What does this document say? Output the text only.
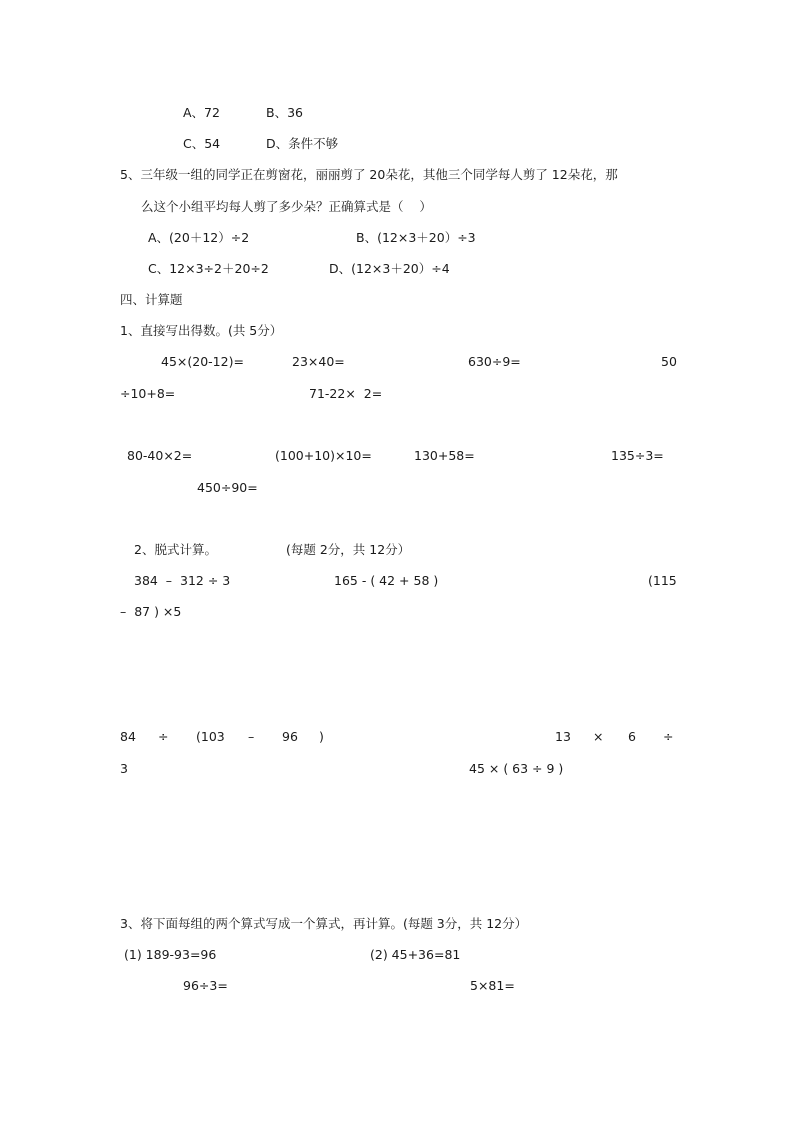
A、72	B、36
C、54	D、条件不够
5、三年级一组的同学正在剪窗花，丽丽剪了 20朵花，其他三个同学每人剪了 12朵花，那
么这个小组平均每人剪了多少朵？正确算式是（    ）
A、(20＋12）÷2	B、(12×3＋20）÷3
C、12×3÷2＋20÷2	D、(12×3＋20）÷4
四、计算题
1、直接写出得数。(共 5分）
45×(20-12)=	23×40=	630÷9=	50
÷10+8=	71-22×  2=
80-40×2=	(100+10)×10=	130+58=	135÷3=
450÷90=
2、脱式计算。	(每题 2分，共 12分）
384  –  312 ÷ 3	165 - ( 42 + 58 )	(115
–  87 ) ×5
84 ÷ (103 – 96 )	13 × 6 ÷
3	45 × ( 63 ÷ 9 )
3、将下面每组的两个算式写成一个算式，再计算。(每题 3分，共 12分）
(1) 189-93=96	(2) 45+36=81
96÷3=	5×81=
